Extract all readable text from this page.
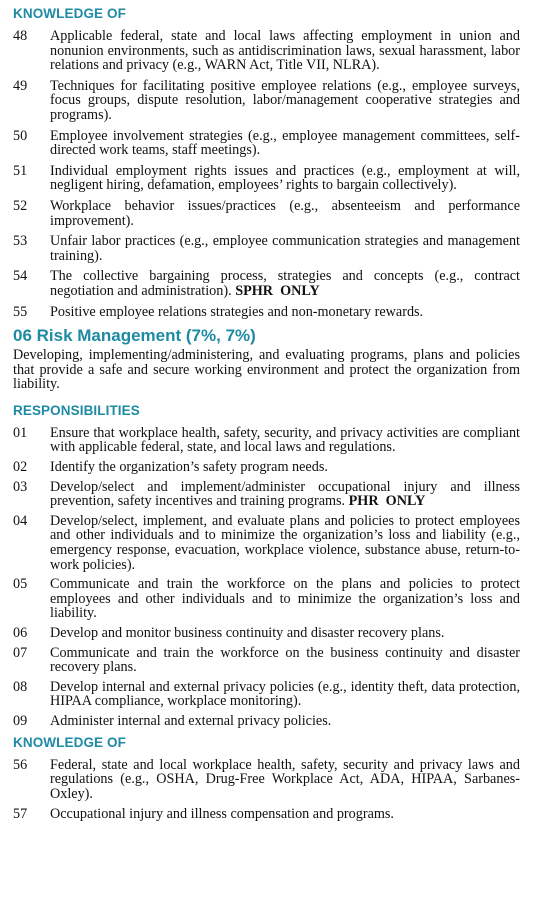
KNOWLEDGE OF
48	Applicable federal, state and local laws affecting employment in union and nonunion environments, such as antidiscrimination laws, sexual harassment, labor relations and privacy (e.g., WARN Act, Title VII, NLRA).
49	Techniques for facilitating positive employee relations (e.g., employee surveys, focus groups, dispute resolution, labor/management cooperative strategies and programs).
50	Employee involvement strategies (e.g., employee management committees, self-directed work teams, staff meetings).
51	Individual employment rights issues and practices (e.g., employment at will, negligent hiring, defamation, employees’ rights to bargain collectively).
52	Workplace behavior issues/practices (e.g., absenteeism and performance improvement).
53	Unfair labor practices (e.g., employee communication strategies and management training).
54	The collective bargaining process, strategies and concepts (e.g., contract negotiation and administration). SPHR  ONLY
55	Positive employee relations strategies and non-monetary rewards.
06 Risk Management (7%, 7%)
Developing, implementing/administering, and evaluating programs, plans and policies that provide a safe and secure working environment and protect the organization from liability.
RESPONSIBILITIES
01	Ensure that workplace health, safety, security, and privacy activities are compliant with applicable federal, state, and local laws and regulations.
02	Identify the organization’s safety program needs.
03	Develop/select and implement/administer occupational injury and illness prevention, safety incentives and training programs. PHR  ONLY
04	Develop/select, implement, and evaluate plans and policies to protect employees and other individuals and to minimize the organization’s loss and liability (e.g., emergency response, evacuation, workplace violence, substance abuse, return-to-work policies).
05	Communicate and train the workforce on the plans and policies to protect employees and other individuals and to minimize the organization’s loss and liability.
06	Develop and monitor business continuity and disaster recovery plans.
07	Communicate and train the workforce on the business continuity and disaster recovery plans.
08	Develop internal and external privacy policies (e.g., identity theft, data protection, HIPAA compliance, workplace monitoring).
09	Administer internal and external privacy policies.
KNOWLEDGE OF
56	Federal, state and local workplace health, safety, security and privacy laws and regulations (e.g., OSHA, Drug-Free Workplace Act, ADA, HIPAA, Sarbanes-Oxley).
57	Occupational injury and illness compensation and programs.
